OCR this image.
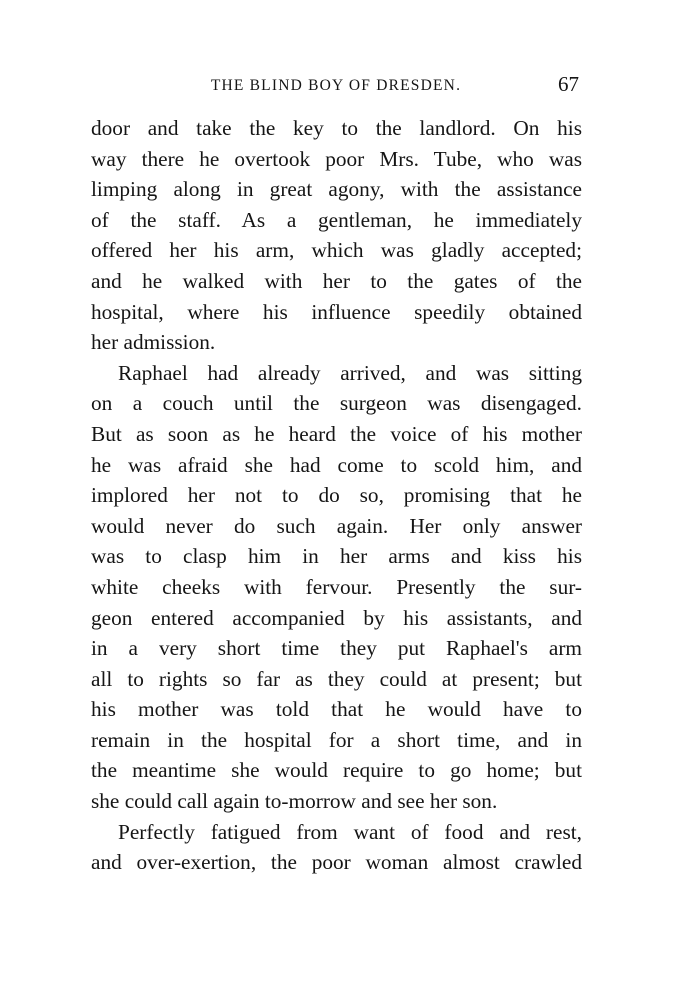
THE BLIND BOY OF DRESDEN.	67
door and take the key to the landlord. On his
way there he overtook poor Mrs. Tube, who was
limping along in great agony, with the assistance
of the staff. As a gentleman, he immediately
offered her his arm, which was gladly accepted;
and he walked with her to the gates of the
hospital, where his influence speedily obtained
her admission.
Raphael had already arrived, and was sitting
on a couch until the surgeon was disengaged.
But as soon as he heard the voice of his mother
he was afraid she had come to scold him, and
implored her not to do so, promising that he
would never do such again. Her only answer
was to clasp him in her arms and kiss his
white cheeks with fervour. Presently the sur-
geon entered accompanied by his assistants, and
in a very short time they put Raphael's arm
all to rights so far as they could at present; but
his mother was told that he would have to
remain in the hospital for a short time, and in
the meantime she would require to go home; but
she could call again to-morrow and see her son.
Perfectly fatigued from want of food and rest,
and over-exertion, the poor woman almost crawled
